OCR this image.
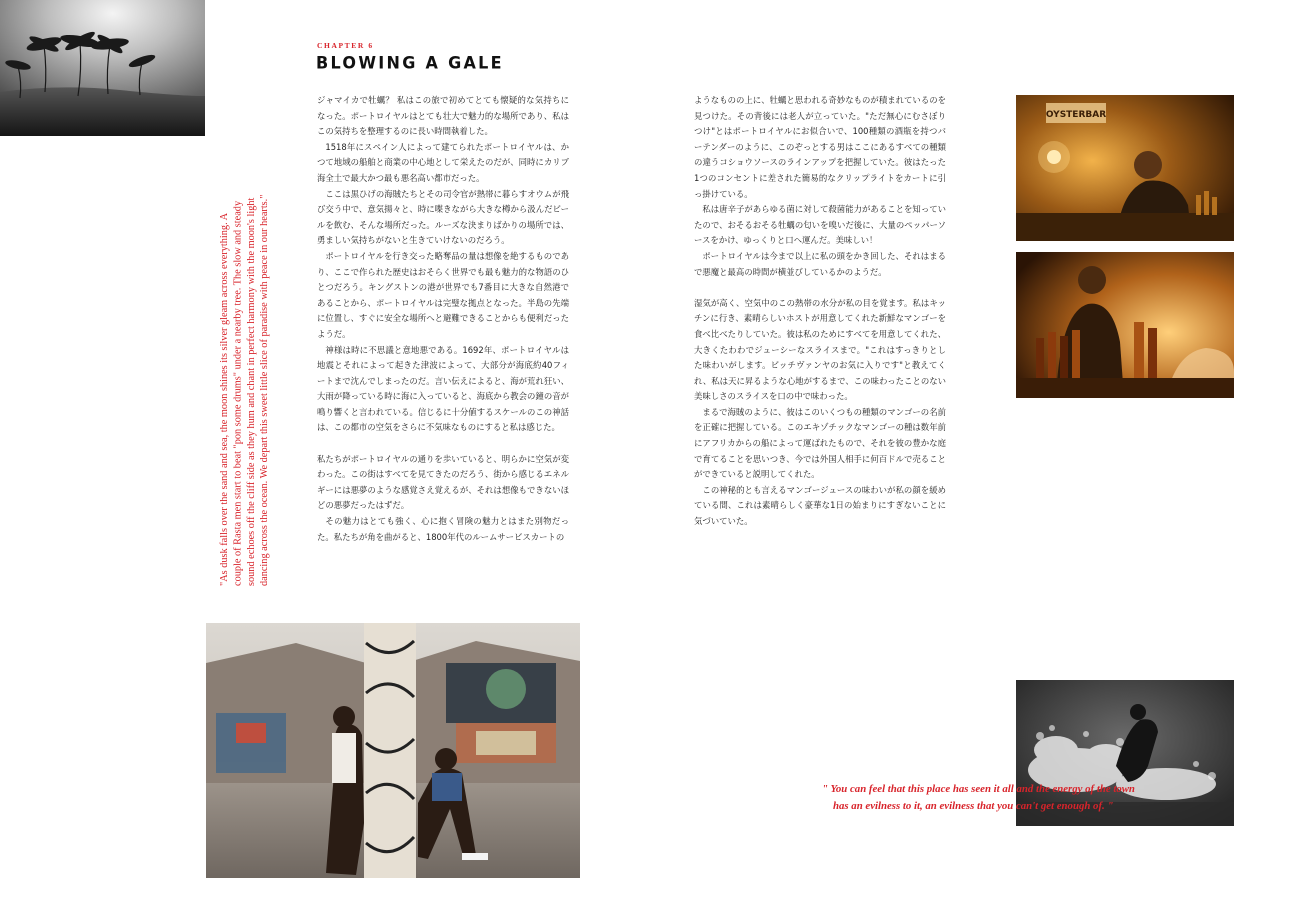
"As dusk falls over the sand and sea, the moon shines its silver gleam across everything. A couple of Rasta men start to beat "pon some drums" under a nearby tree. The slow and steady sound echoes off the cliff side as they hum and chant in perfect harmony with the moon's light dancing across the ocean. We depart this sweet little slice of paradise with peace in our hearts."

CHAPTER 6

BLOWING A GALE

ジャマイカで牡蠣？ 私はこの旅で初めてとても懐疑的な気持ちになった。ポートロイヤルはとても壮大で魅力的な場所であり、私はこの気持ちを整理するのに長い時間執着した。

1518年にスペイン人によって建てられたポートロイヤルは、かつて地域の船舶と商業の中心地として栄えたのだが、同時にカリブ海全土で最大かつ最も悪名高い都市だった。

ここは黒ひげの海賊たちとその司令官が熱帯に暮らすオウムが飛び交う中で、意気揚々と、時に喋きながら大きな樽から汲んだビールを飲む、そんな場所だった。ルーズな決まりばかりの場所では、勇ましい気持ちがないと生きていけないのだろう。

ポートロイヤルを行き交った略奪品の量は想像を絶するものであり、ここで作られた歴史はおそらく世界でも最も魅力的な物語のひとつだろう。キングストンの港が世界でも7番目に大きな自然港であることから、ポートロイヤルは完璧な拠点となった。半島の先端に位置し、すぐに安全な場所へと避難できることからも便利だったようだ。

神様は時に不思議と意地悪である。1692年、ポートロイヤルは地震とそれによって起きた津波によって、大部分が海底約40フィートまで沈んでしまったのだ。言い伝えによると、海が荒れ狂い、大雨が降っている時に海に入っていると、海底から教会の鐘の音が鳴り響くと言われている。信じるに十分値するスケールのこの神話は、この都市の空気をさらに不気味なものにすると私は感じた。

私たちがポートロイヤルの通りを歩いていると、明らかに空気が変わった。この街はすべてを見てきたのだろう、街から感じるエネルギーには悪夢のような感覚さえ覚えるが、それは想像もできないほどの悪夢だったはずだ。

その魅力はとても強く、心に抱く冒険の魅力とはまた別物だった。私たちが角を曲がると、1800年代のルームサービスカートの

ようなものの上に、牡蠣と思われる奇妙なものが積まれているのを見つけた。その背後には老人が立っていた。"ただ無心にむさぼりつけ"とはポートロイヤルにお似合いで、100種類の酒瓶を持つバーテンダーのように、このぞっとする男はここにあるすべての種類の違うコショウソースのラインアップを把握していた。彼はたった1つのコンセントに差された簡易的なクリップライトをカートに引っ掛けている。

私は唐辛子があらゆる菌に対して殺菌能力があることを知っていたので、おそるおそる牡蠣の匂いを嗅いだ後に、大量のペッパーソースをかけ、ゆっくりと口へ運んだ。美味しい！

ポートロイヤルは今まで以上に私の頭をかき回した、それはまるで悪魔と最高の時間が横並びしているかのようだ。

湿気が高く、空気中のこの熱帯の水分が私の目を覚ます。私はキッチンに行き、素晴らしいホストが用意してくれた新鮮なマンゴーを食べ比べたりしていた。彼は私のためにすべてを用意してくれた、大きくたわわでジューシーなスライスまで。"これはすっきりとした味わいがします。ビッチヴァンヤのお気に入りです"と教えてくれ、私は天に昇るような心地がするまで、この味わったことのない美味しさのスライスを口の中で味わった。

まるで海賊のように、彼はこのいくつもの種類のマンゴーの名前を正確に把握している。このエキゾチックなマンゴーの種は数年前にアフリカからの船によって運ばれたもので、それを彼の豊かな庭で育てることを思いつき、今では外国人相手に何百ドルで売ることができていると説明してくれた。

この神秘的とも言えるマンゴージュースの味わいが私の顔を緩めている間、これは素晴らしく豪華な1日の始まりにすぎないことに気づいていた。

OYSTERBAR

" You can feel that this place has seen it all and the energy of the town
has an evilness to it, an evilness that you can't get enough of. "
